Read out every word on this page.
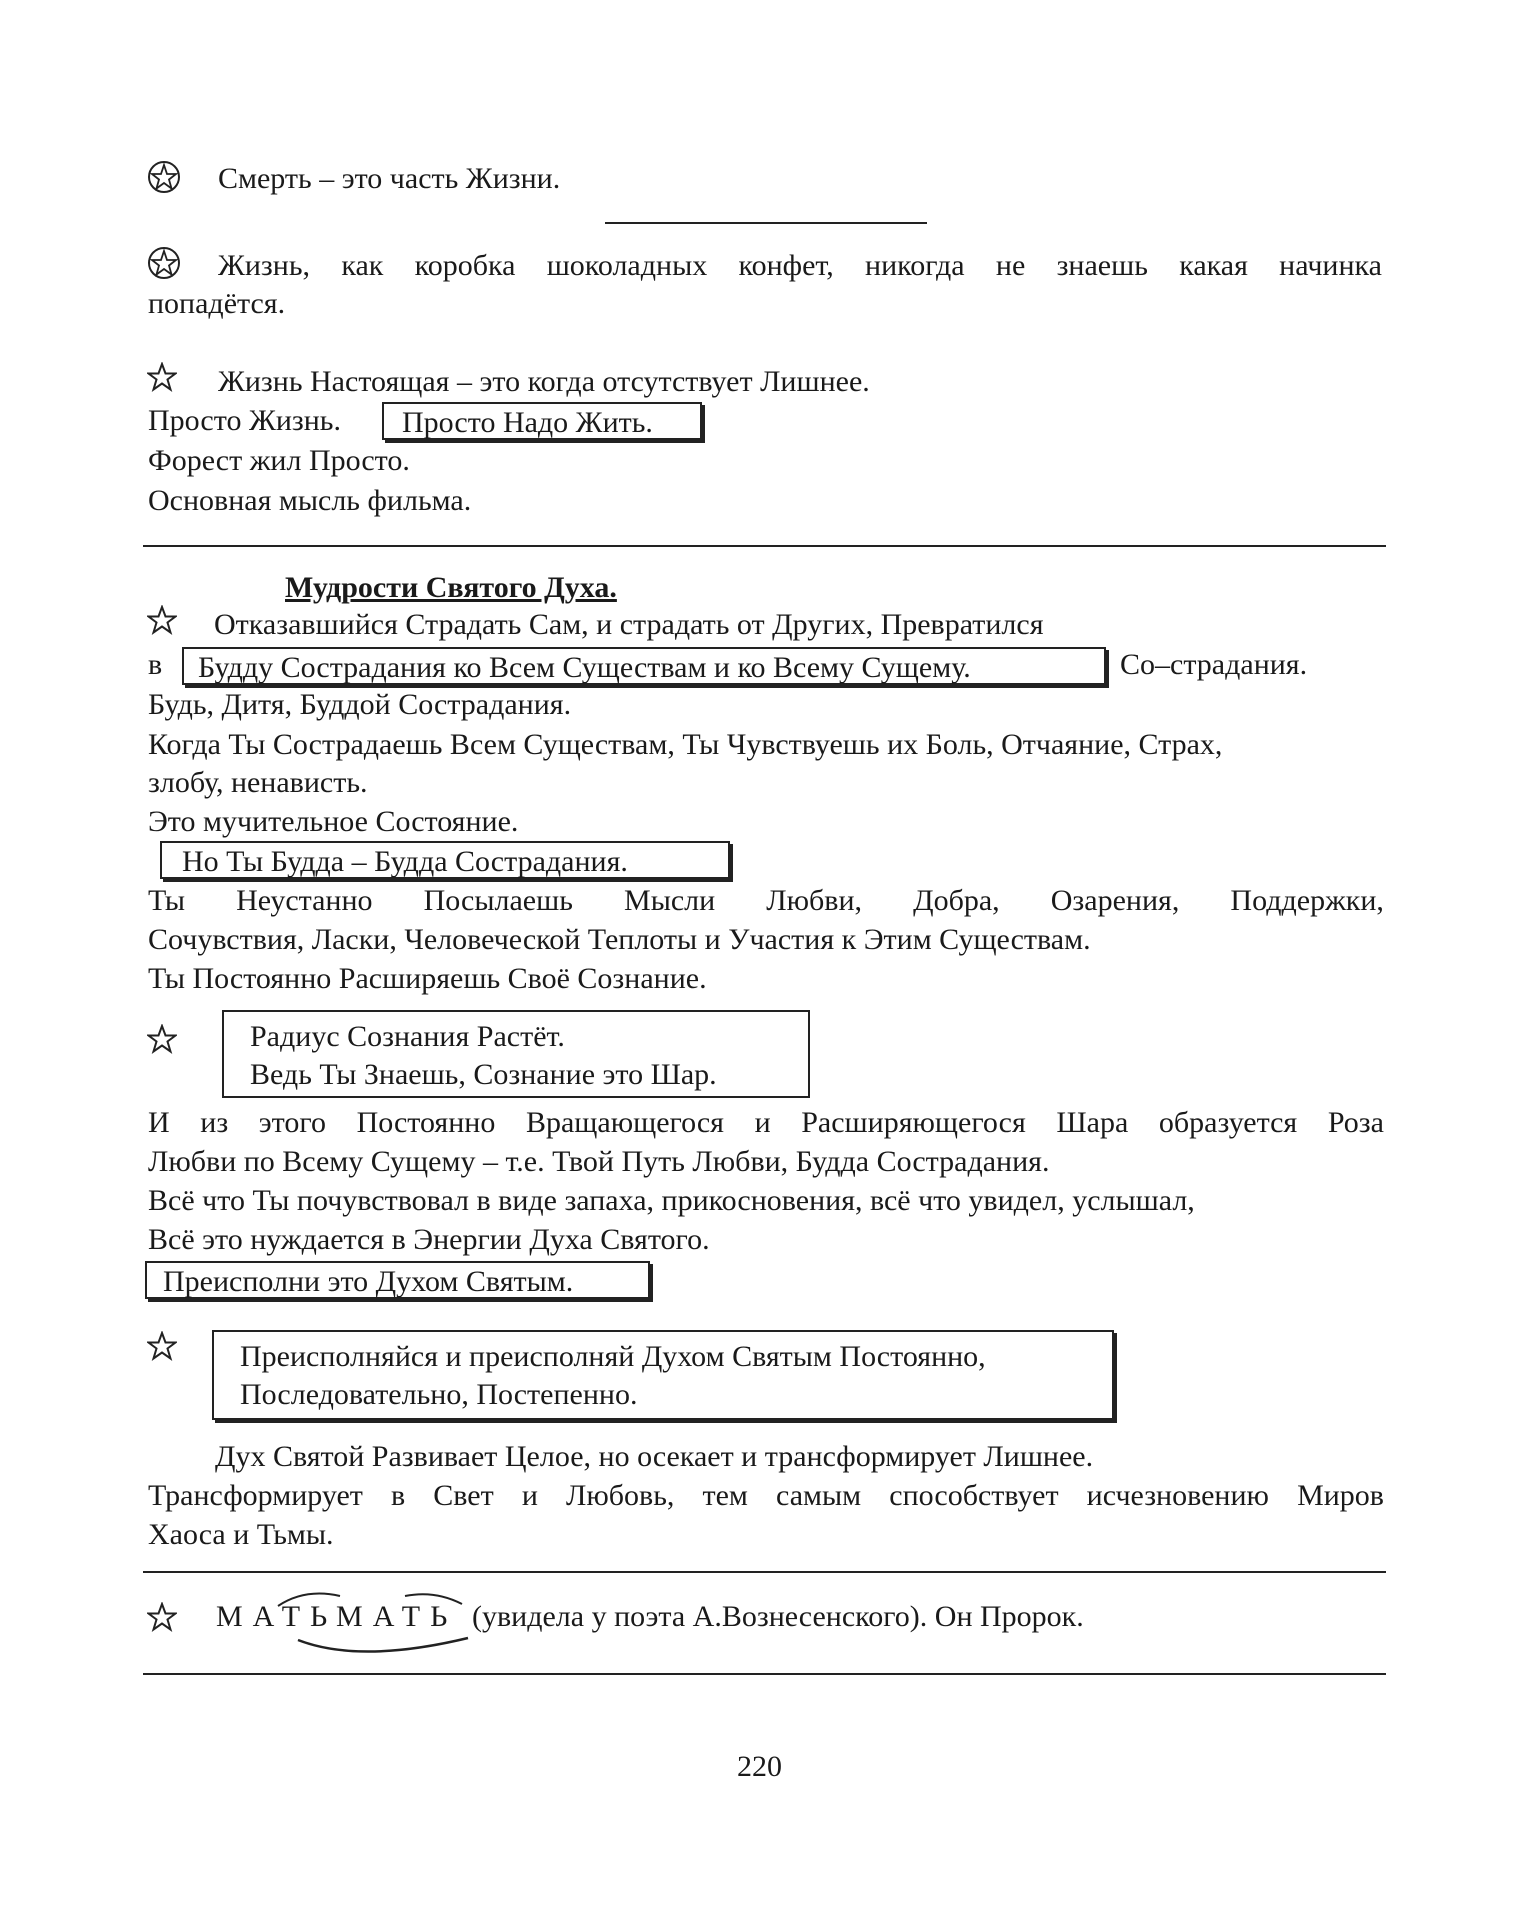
Смерть – это часть Жизни.
Жизнь, как коробка шоколадных конфет, никогда не знаешь какая начинка
попадётся.
Жизнь Настоящая – это когда отсутствует Лишнее.
Просто Жизнь.	Просто Надо Жить.
Форест жил Просто.
Основная мысль фильма.
Мудрости Святого Духа.
Отказавшийся Страдать Сам, и страдать от Других, Превратился
в	Будду Сострадания ко Всем Существам и ко Всему Сущему.	Со–страдания.
Будь, Дитя, Буддой Сострадания.
Когда Ты Сострадаешь Всем Существам, Ты Чувствуешь их Боль, Отчаяние, Страх,
злобу, ненависть.
Это мучительное Состояние.
Но Ты Будда – Будда Сострадания.
Ты Неустанно Посылаешь Мысли Любви, Добра, Озарения, Поддержки,
Сочувствия, Ласки, Человеческой Теплоты и Участия к Этим Существам.
Ты Постоянно Расширяешь Своё Сознание.
Радиус Сознания Растёт.
Ведь Ты Знаешь, Сознание это Шар.
И из этого Постоянно Вращающегося и Расширяющегося Шара образуется Роза
Любви по Всему Сущему – т.е. Твой Путь Любви, Будда Сострадания.
Всё что Ты почувствовал в виде запаха, прикосновения, всё что увидел, услышал,
Всё это нуждается в Энергии Духа Святого.
Преисполни это Духом Святым.
Преисполняйся и преисполняй Духом Святым Постоянно,
Последовательно, Постепенно.
Дух Святой Развивает Целое, но осекает и трансформирует Лишнее.
Трансформирует в Свет и Любовь, тем самым способствует исчезновению Миров
Хаоса и Тьмы.
МАТЬМАТЬ (увидела у поэта А.Вознесенского). Он Пророк.
220
